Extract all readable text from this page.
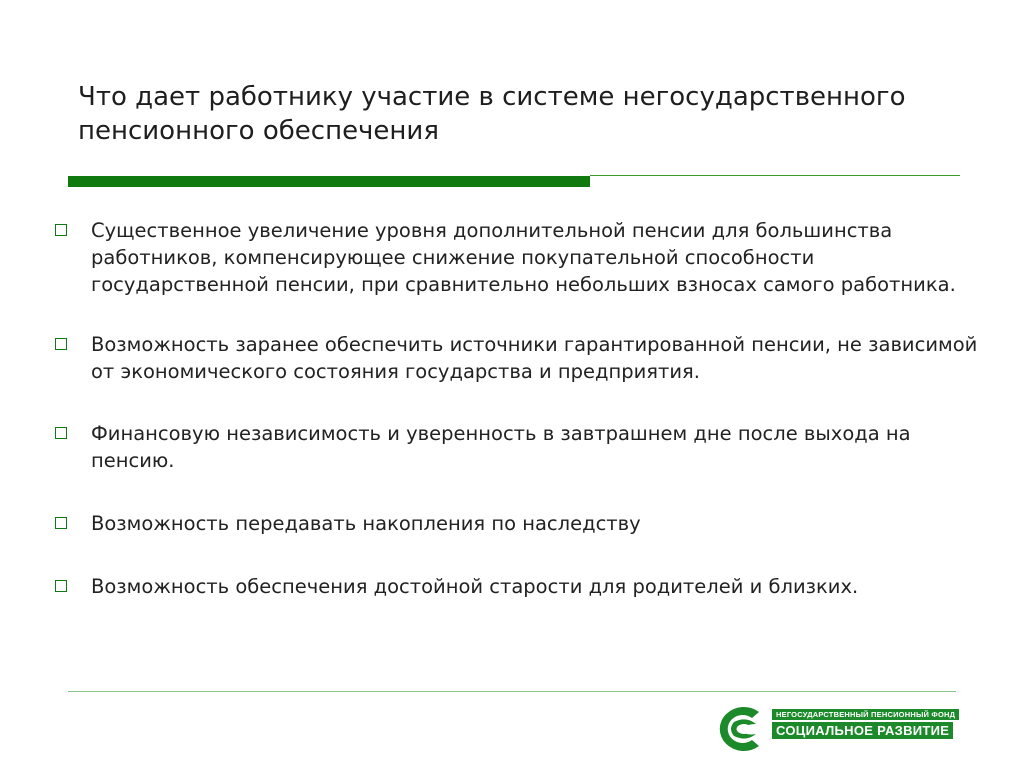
Что дает работнику участие в системе негосударственного пенсионного обеспечения
Существенное увеличение уровня дополнительной пенсии для большинства работников, компенсирующее снижение покупательной способности государственной пенсии, при сравнительно небольших взносах самого работника.
Возможность заранее обеспечить источники гарантированной пенсии, не зависимой от экономического состояния государства и предприятия.
Финансовую независимость и уверенность в завтрашнем дне после выхода на пенсию.
Возможность передавать накопления по наследству
Возможность обеспечения достойной старости для родителей и близких.
НЕГОСУДАРСТВЕННЫЙ ПЕНСИОННЫЙ ФОНД
СОЦИАЛЬНОЕ РАЗВИТИЕ
